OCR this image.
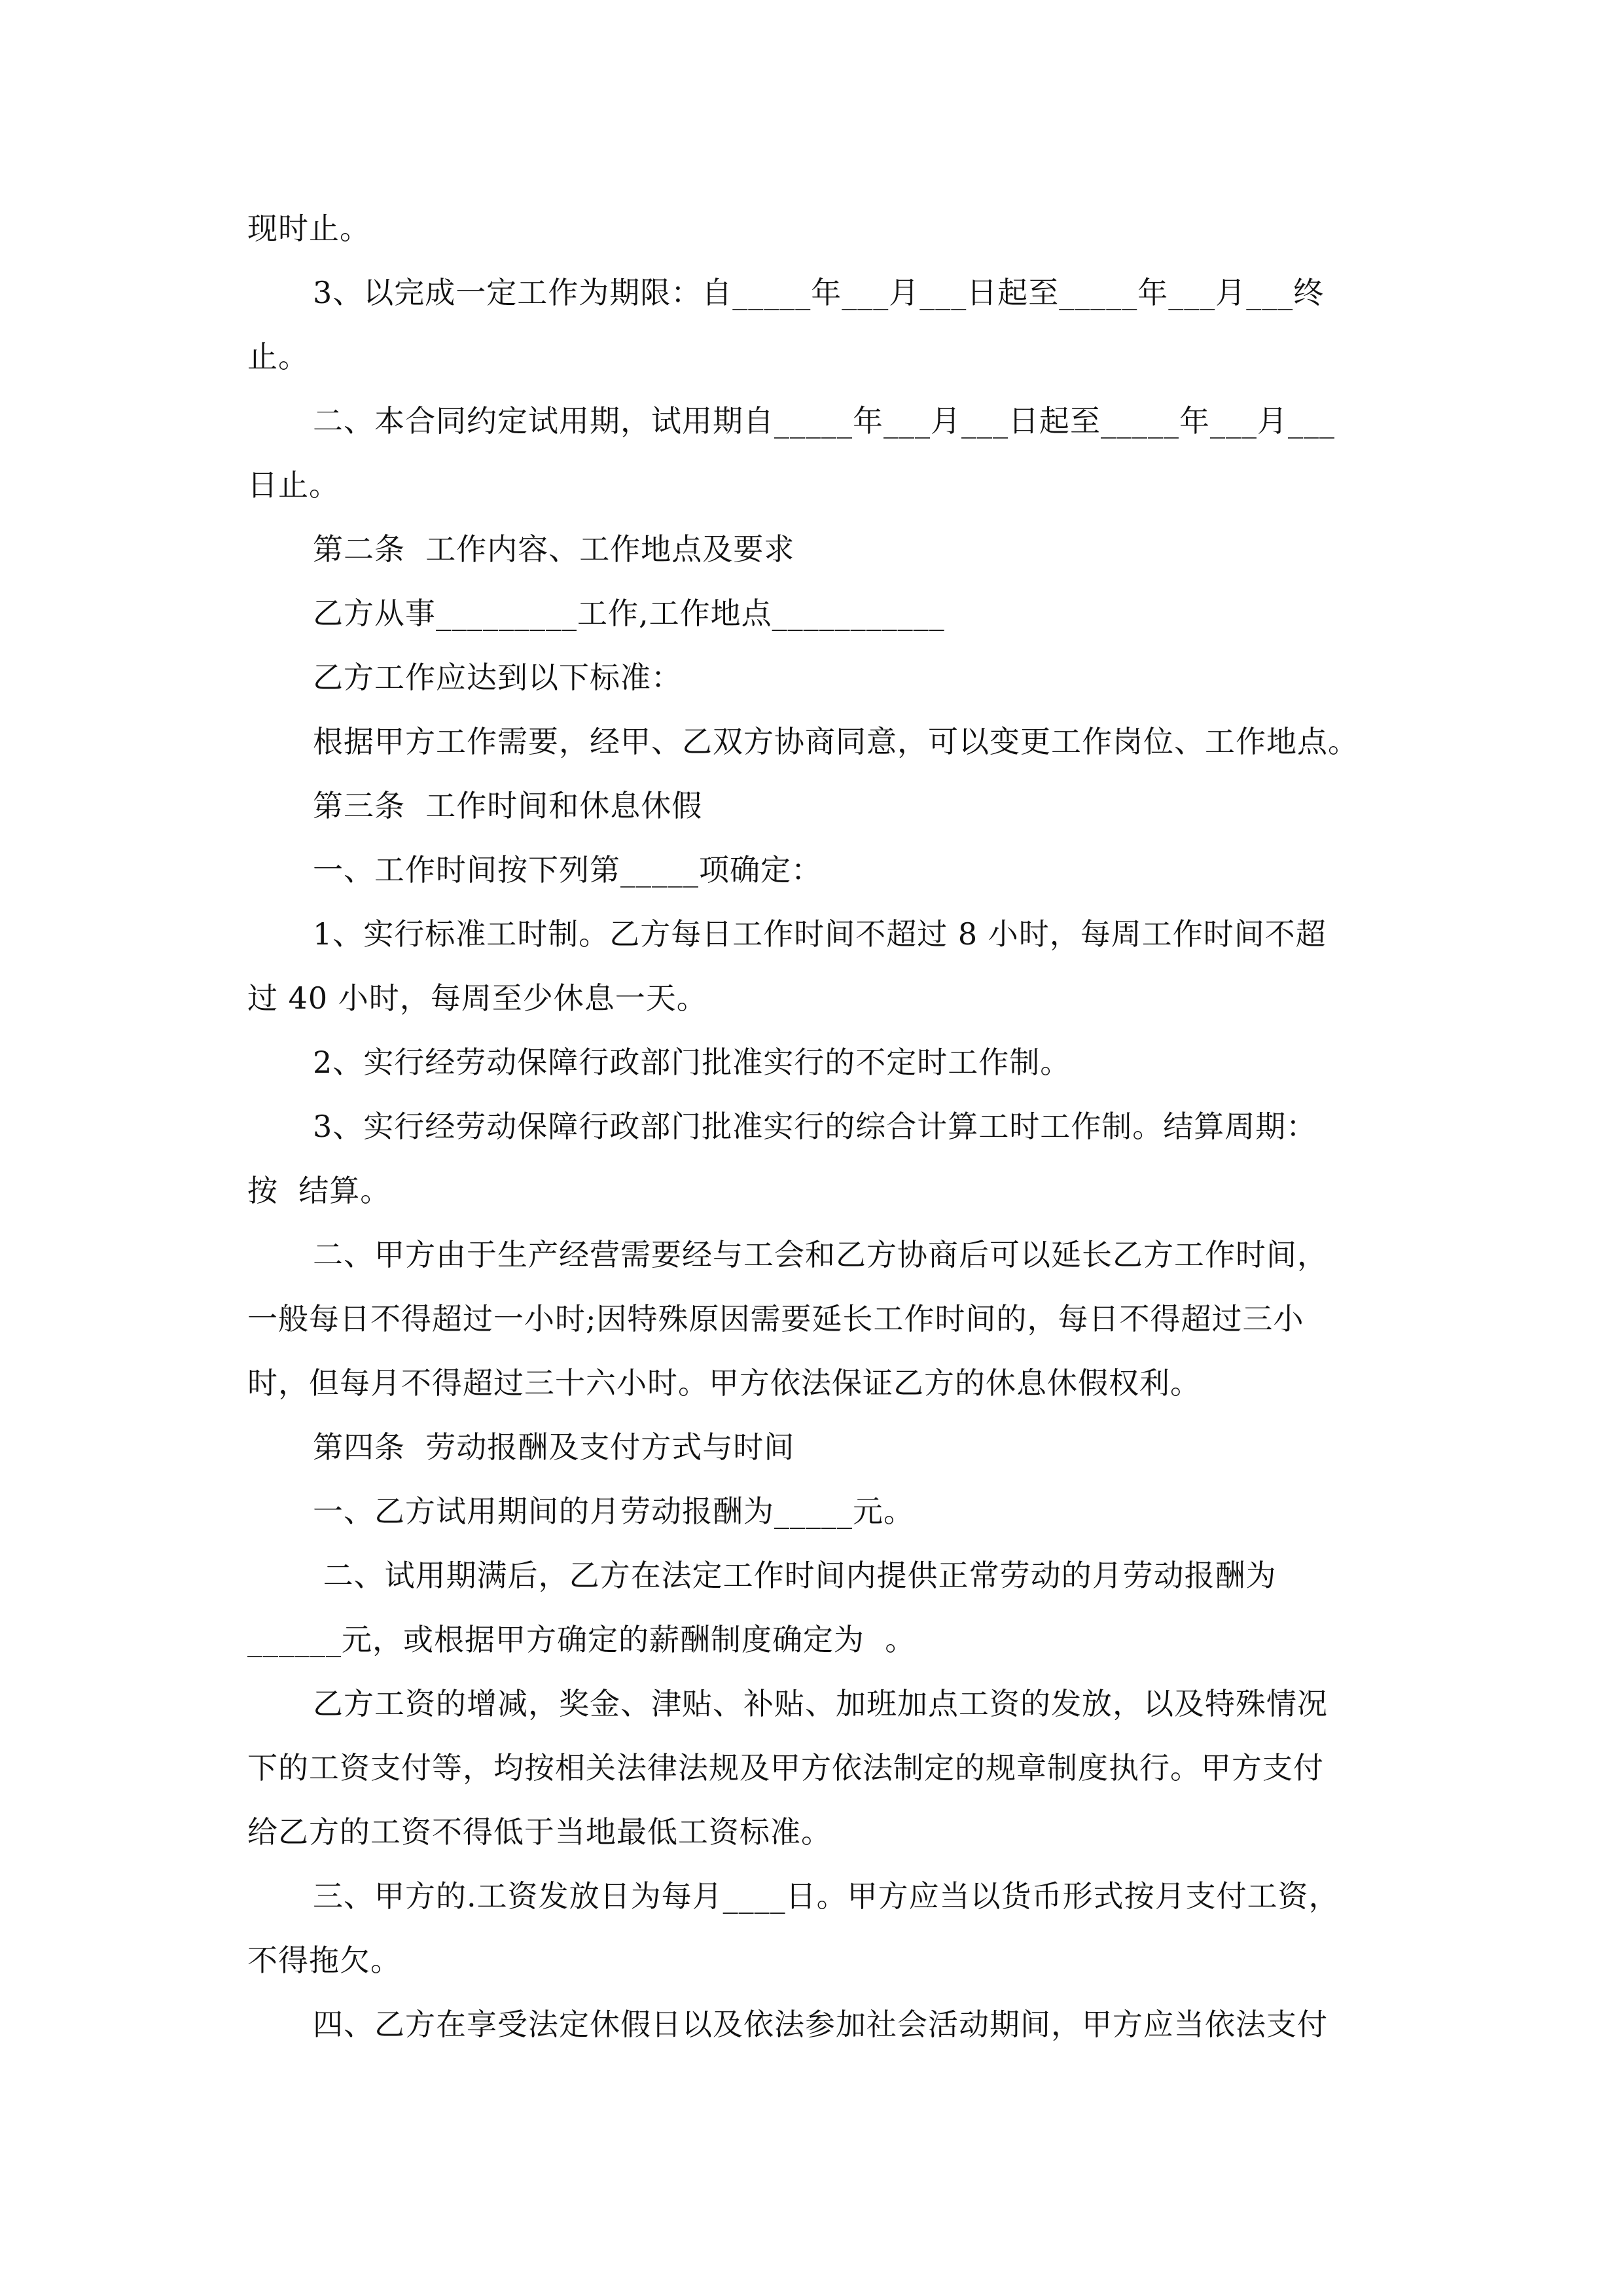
现时止。
3、以完成一定工作为期限：自_____年___月___日起至_____年___月___终
止。
二、本合同约定试用期，试用期自_____年___月___日起至_____年___月___
日止。
第二条  工作内容、工作地点及要求
乙方从事_________工作,工作地点___________
乙方工作应达到以下标准：
根据甲方工作需要，经甲、乙双方协商同意，可以变更工作岗位、工作地点。
第三条  工作时间和休息休假
一、工作时间按下列第_____项确定：
1、实行标准工时制。乙方每日工作时间不超过 8 小时，每周工作时间不超
过 40 小时，每周至少休息一天。
2、实行经劳动保障行政部门批准实行的不定时工作制。
3、实行经劳动保障行政部门批准实行的综合计算工时工作制。结算周期：
按  结算。
二、甲方由于生产经营需要经与工会和乙方协商后可以延长乙方工作时间，
一般每日不得超过一小时;因特殊原因需要延长工作时间的，每日不得超过三小
时，但每月不得超过三十六小时。甲方依法保证乙方的休息休假权利。
第四条  劳动报酬及支付方式与时间
一、乙方试用期间的月劳动报酬为_____元。
二、试用期满后，乙方在法定工作时间内提供正常劳动的月劳动报酬为
______元，或根据甲方确定的薪酬制度确定为  。
乙方工资的增减，奖金、津贴、补贴、加班加点工资的发放，以及特殊情况
下的工资支付等，均按相关法律法规及甲方依法制定的规章制度执行。甲方支付
给乙方的工资不得低于当地最低工资标准。
三、甲方的.工资发放日为每月____日。甲方应当以货币形式按月支付工资，
不得拖欠。
四、乙方在享受法定休假日以及依法参加社会活动期间，甲方应当依法支付
